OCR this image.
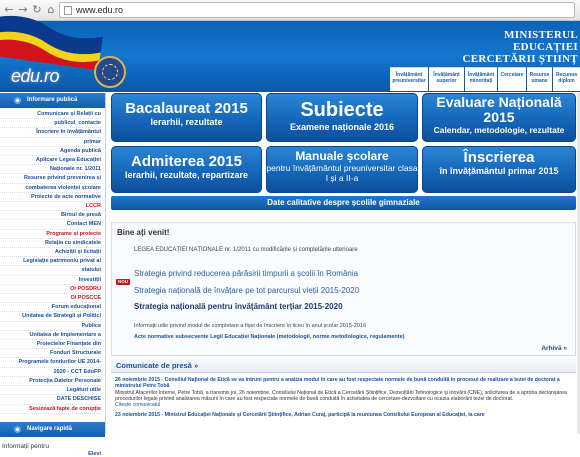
← → ↻ ⌂	www.edu.ro
edu.ro
MINISTERUL EDUCAȚIEI
CERCETĂRII ȘTIINȚ
Învățământ
preuniversitar
Învățământ
superior
Învățământ
minoritați
Cercetare Resurse
umane
Recunoa
diplom
Informare publică
Comunicare și Relații cu
publicul_contacte
Înscriere în învățământul
primar
Agenda publică
Aplicare Legea Educației
Naționale nr. 1/2011
Resurse privind prevenirea și
combaterea violenței școlare
Proiecte de acte normative
LCCR
Biroul de presă
Contact MEN
Programe și proiecte
Relația cu sindicatele
Achiziții și licitații
Legislație patrimoniu privat al
statului
Investiții
OI POSDRU
OI POSCCE
Forum educațional
Unitatea de Strategii și Politici
Publice
Unitatea de Implementare a
Proiectelor Finanțate din
Fonduri Structurale
Programele fondurilor UE 2014-
2020 - CCT EduFP
Protecția Datelor Personale
Legături utile
DATE DESCHISE
Sesizează fapte de corupție
Navigare rapidă
Informații pentru
Elevi
Bacalaureat 2015
Ierarhii, rezultate
Subiecte
Examene naționale 2016
Evaluare Națională 2015
Calendar, metodologie, rezultate
Admiterea 2015
Ierarhii, rezultate, repartizare
Manuale școlare
pentru învățământul preuniversitar clasa I și a II-a
Înscrierea
în învățământul primar 2015
Date calitative despre școlile gimnaziale
Bine ați venit!
LEGEA EDUCAȚIEI NAȚIONALE nr. 1/2011 cu modificările și completările ulterioare
NOU
Strategia privind reducerea părăsirii timpurii a școlii în România
Strategia națională de învățare pe tot parcursul vieții 2015-2020
Strategia națională pentru învățământ terțiar 2015-2020
Informații utile privind modul de completare a fișei de înscriere în liceu în anul școlar 2015-2016
Acte normative subsecvente Legii Educației Naționale (metodologii, norme metodologice, regulamente)
Arhivă »
Comunicate de presă »
26 noiembrie 2015 - Consiliul Național de Etică se va întruni pentru a analiza modul în care au fost respectate normele de bună conduită în procesul de realizare a tezei de doctorat a ministrului Petre Tobă
Ministrul Afacerilor Interne, Petre Tobă, a transmis joi, 26 noiembrie, Consiliului Național de Etică a Cercetării Științifice, Dezvoltării Tehnologice și Inovării (CNE), solicitarea de a aproba declanșarea procedurilor legale privind analizarea măsurii în care au fost respectate normele de bună conduită în activitatea de cercetare-dezvoltare cu ocazia elaborării tezei de doctorat.
Citește comunicatul
23 noiembrie 2015 - Ministrul Educației Naționale și Cercetării Științifice, Adrian Curaj, participă la reuniunea Consiliului European al Educației, la care
